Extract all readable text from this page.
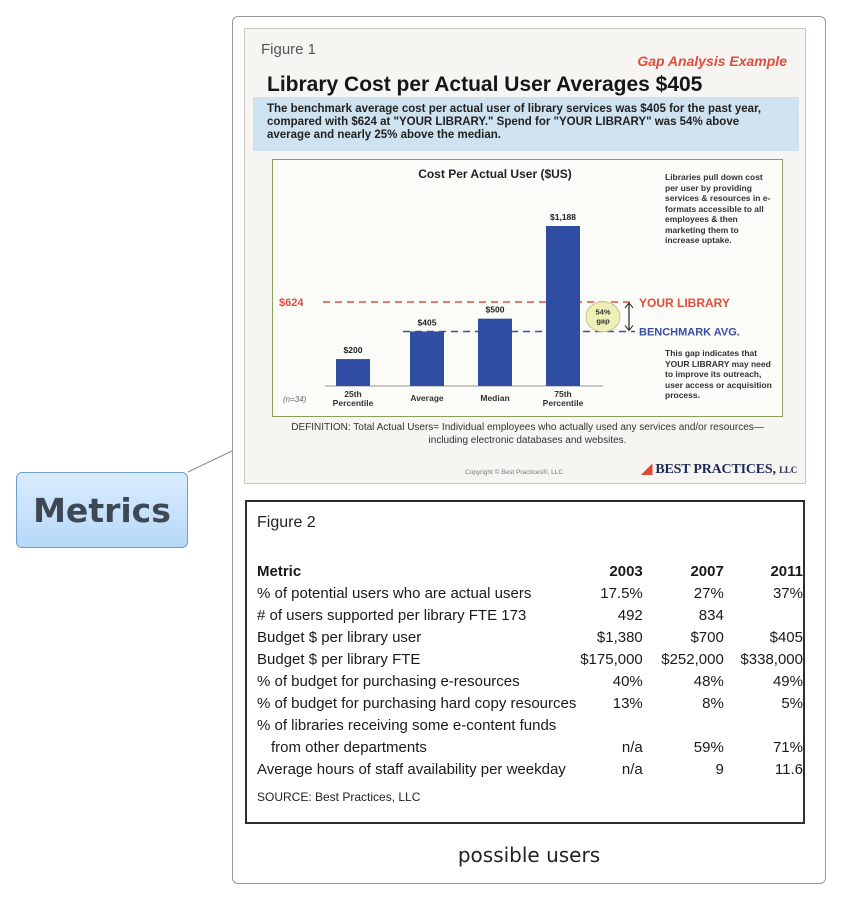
Metrics
possible users
Figure 1
Gap Analysis Example
Library Cost per Actual User Averages $405
The benchmark average cost per actual user of library services was $405 for the past year, compared with $624 at "YOUR LIBRARY." Spend for "YOUR LIBRARY" was 54% above average and nearly 25% above the median.
Cost Per Actual User ($US)
$624	YOUR LIBRARY
$200
25th
Percentile
$405
Average
$500
Median
$1,188
75th
Percentile
BENCHMARK AVG.
54%
gap
(n=34)
Libraries pull down cost per user by providing services & resources in e-formats accessible to all employees & then marketing them to increase uptake.
This gap indicates that YOUR LIBRARY may need to improve its outreach, user access or acquisition process.
DEFINITION: Total Actual Users= Individual employees who actually used any services and/or resources—including electronic databases and websites.
Copyright © Best Practices®, LLC	◢ BEST PRACTICES, LLC
Figure 2
Metric	2003	2007	2011
% of potential users who are actual users	17.5%	27%	37%
# of users supported per library FTE 173	492	834	
Budget $ per library user	$1,380	$700	$405
Budget $ per library FTE	$175,000	$252,000	$338,000
% of budget for purchasing e-resources	40%	48%	49%
% of budget for purchasing hard copy resources	13%	8%	5%
% of libraries receiving some e-content funds			
from other departments	n/a	59%	71%
Average hours of staff availability per weekday	n/a	9	11.6
SOURCE: Best Practices, LLC
